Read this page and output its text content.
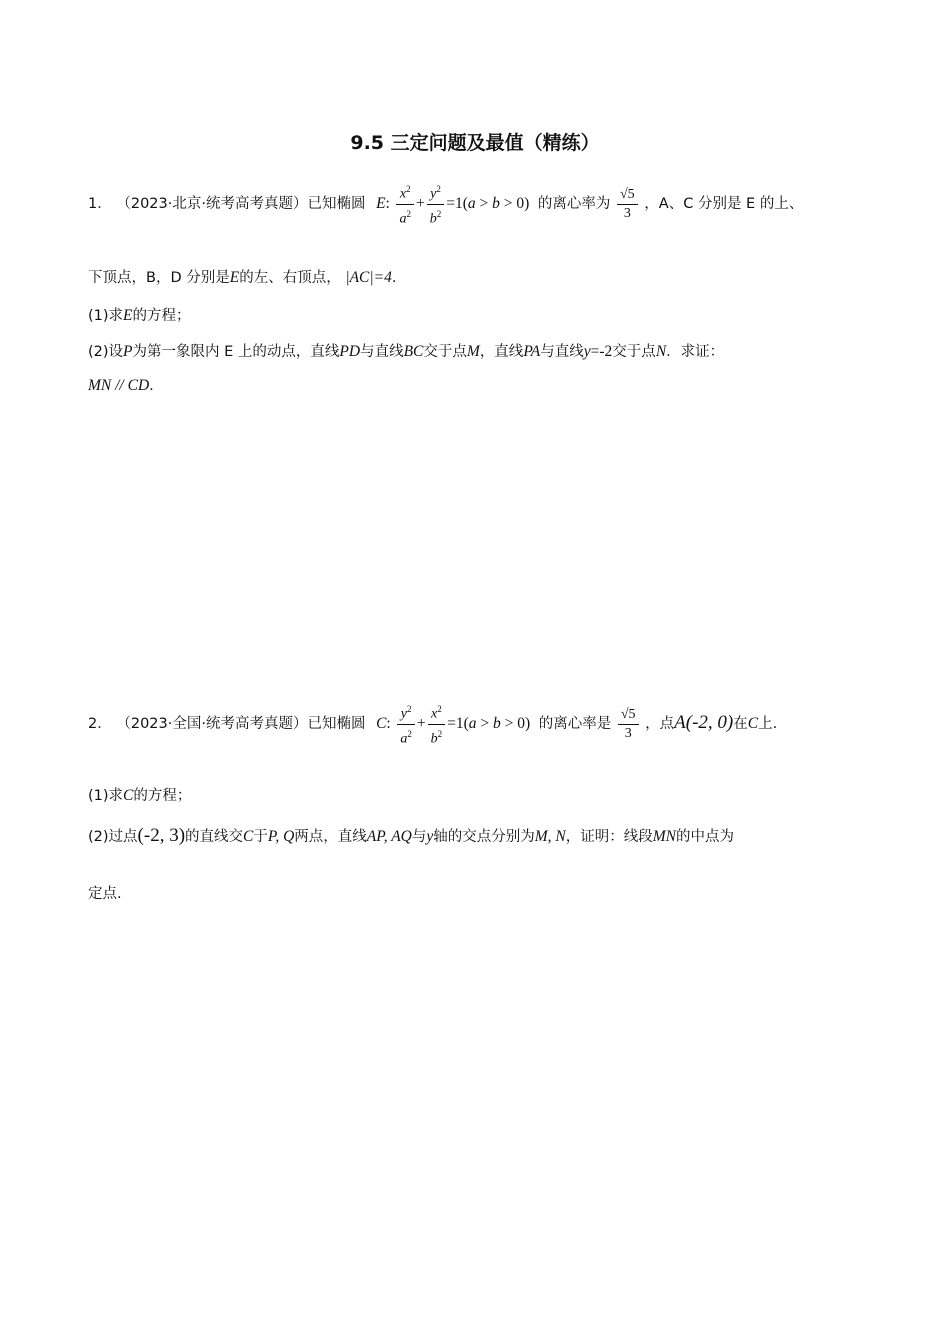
9.5 三定问题及最值（精练）
1． （2023·北京·统考高考真题）已知椭圆 E: $\frac{x^2}{a^2} + \frac{y^2}{b^2} =1(a > b > 0)$ 的离心率为 $\frac{√5}{3}$ ，A、C 分别是 E 的上、
下顶点，B，D 分别是E的左、右顶点， |AC|=4.
(1)求E的方程；
(2)设P为第一象限内 E 上的动点，直线PD与直线BC交于点M，直线PA与直线y=-2交于点N．求证：
MN // CD.
2． （2023·全国·统考高考真题）已知椭圆 C: $\frac{y^2}{a^2} + \frac{x^2}{b^2} =1(a > b > 0)$ 的离心率是 $\frac{√5}{3}$ ，点A(-2, 0)在C上.
(1)求C的方程；
(2)过点(-2, 3)的直线交C于P, Q两点，直线AP, AQ与y轴的交点分别为M, N，证明：线段MN的中点为
定点.
